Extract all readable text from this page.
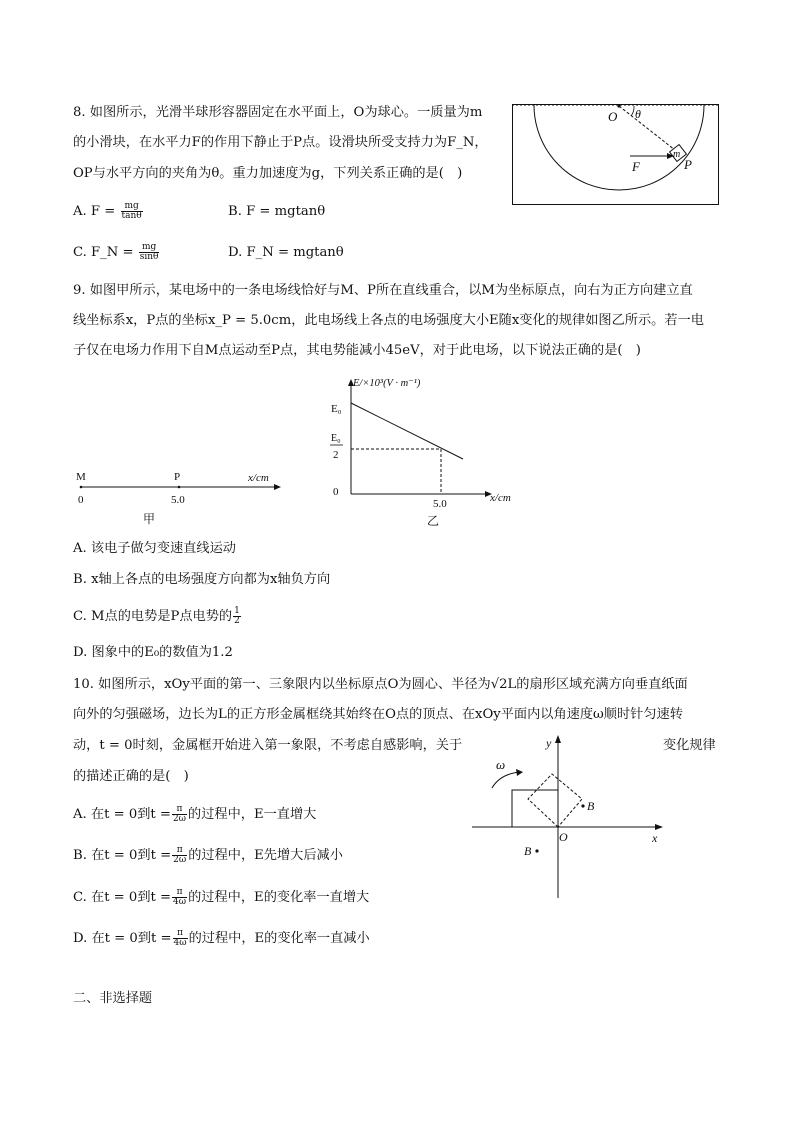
8. 如图所示，光滑半球形容器固定在水平面上，O为球心。一质量为m
的小滑块，在水平力F的作用下静止于P点。设滑块所受支持力为F_N，
OP与水平方向的夹角为θ。重力加速度为g，下列关系正确的是(　)
A. $F = \frac{mg}{\tan\theta}$	B. F = mgtanθ
C. F_N = $\frac{mg}{\sin\theta}$	D. F_N = mgtanθ
O θ
m
F	P
9. 如图甲所示，某电场中的一条电场线恰好与M、P所在直线重合，以M为坐标原点，向右为正方向建立直
线坐标系x，P点的坐标x_P = 5.0cm，此电场线上各点的电场强度大小E随x变化的规律如图乙所示。若一电
子仅在电场力作用下自M点运动至P点，其电势能减小45eV，对于此电场，以下说法正确的是(　)
M	P	x/cm
0	5.0
甲
E/×10³(V · m⁻¹)
E₀
E₀
2
0
5.0	x/cm
乙
A. 该电子做匀变速直线运动
B. x轴上各点的电场强度方向都为x轴负方向
C. M点的电势是P点电势的 $\frac{1}{2}$
D. 图象中的E₀的数值为1.2
10. 如图所示，xOy平面的第一、三象限内以坐标原点O为圆心、半径为√2L的扇形区域充满方向垂直纸面
向外的匀强磁场，边长为L的正方形金属框绕其始终在O点的顶点、在xOy平面内以角速度ω顺时针匀速转
动，t = 0时刻，金属框开始进入第一象限，不考虑自感影响，关于	变化规律
的描述正确的是(　)
ω
y
x
O
B
B
A. 在t = 0到$t = \frac{\pi}{2\omega}$ 的过程中，E一直增大
B. 在t = 0到$t = \frac{\pi}{2\omega}$ 的过程中，E先增大后减小
C. 在t = 0到$t = \frac{\pi}{4\omega}$ 的过程中，E的变化率一直增大
D. 在t = 0到$t = \frac{\pi}{4\omega}$ 的过程中，E的变化率一直减小
二、非选择题
